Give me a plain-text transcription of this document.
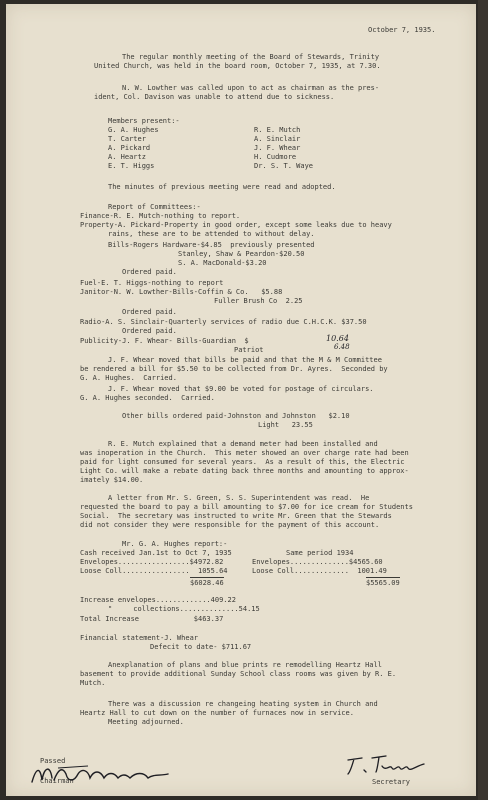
October 7, 1935.
The regular monthly meeting of the Board of Stewards, Trinity
United Church, was held in the board room, October 7, 1935, at 7.30.
N. W. Lowther was called upon to act as chairman as the pres-
ident, Col. Davison was unable to attend due to sickness.
Members present:-
G. A. Hughes
T. Carter
A. Pickard
A. Heartz
E. T. Higgs
R. E. Mutch
A. Sinclair
J. F. Whear
H. Cudmore
Dr. S. T. Waye
The minutes of previous meeting were read and adopted.
Report of Committees:-
Finance-R. E. Mutch-nothing to report.
Property-A. Pickard-Property in good order, except some leaks due to heavy
rains, these are to be attended to without delay.
Bills-Rogers Hardware-$4.85  previously presented
Stanley, Shaw & Peardon-$20.50
S. A. MacDonald-$3.20
Ordered paid.
Fuel-E. T. Higgs-nothing to report
Janitor-N. W. Lowther-Bills-Coffin & Co.   $5.88
Fuller Brush Co  2.25
Ordered paid.
Radio-A. S. Sinclair-Quarterly services of radio due C.H.C.K. $37.50
Ordered paid.
Publicity-J. F. Whear- Bills-Guardian  $
Patriot
10.64
6.48
J. F. Whear moved that bills be paid and that the M & M Committee
be rendered a bill for $5.50 to be collected from Dr. Ayres.  Seconded by
G. A. Hughes.  Carried.
J. F. Whear moved that $9.00 be voted for postage of circulars.
G. A. Hughes seconded.  Carried.
Other bills ordered paid-Johnston and Johnston   $2.10
Light   23.55
R. E. Mutch explained that a demand meter had been installed and
was inoperation in the Church.  This meter showed an over charge rate had been
paid for light consumed for several years.  As a result of this, the Electric
Light Co. will make a rebate dating back three months and amounting to approx-
imately $14.00.
A letter from Mr. S. Green, S. S. Superintendent was read.  He
requested the board to pay a bill amounting to $7.00 for ice cream for Students
Social.  The secretary was instructed to write Mr. Green that the Stewards
did not consider they were responsible for the payment of this account.
Mr. G. A. Hughes report:-
Cash received Jan.1st to Oct 7, 1935
Envelopes.................$4972.82
Loose Coll................  1055.64
$6028.46
Same period 1934
Envelopes..............$4565.60
Loose Coll.............  1001.49
$5565.09
Increase envelopes.............409.22
"     collections..............54.15
Total Increase             $463.37
Financial statement-J. Whear
Defecit to date- $711.67
Anexplanation of plans and blue prints re remodelling Heartz Hall
basement to provide additional Sunday School class rooms was given by R. E.
Mutch.
There was a discussion re changeing heating system in Church and
Heartz Hall to cut down on the number of furnaces now in service.
Meeting adjourned.
Passed
Chairman	Secretary
